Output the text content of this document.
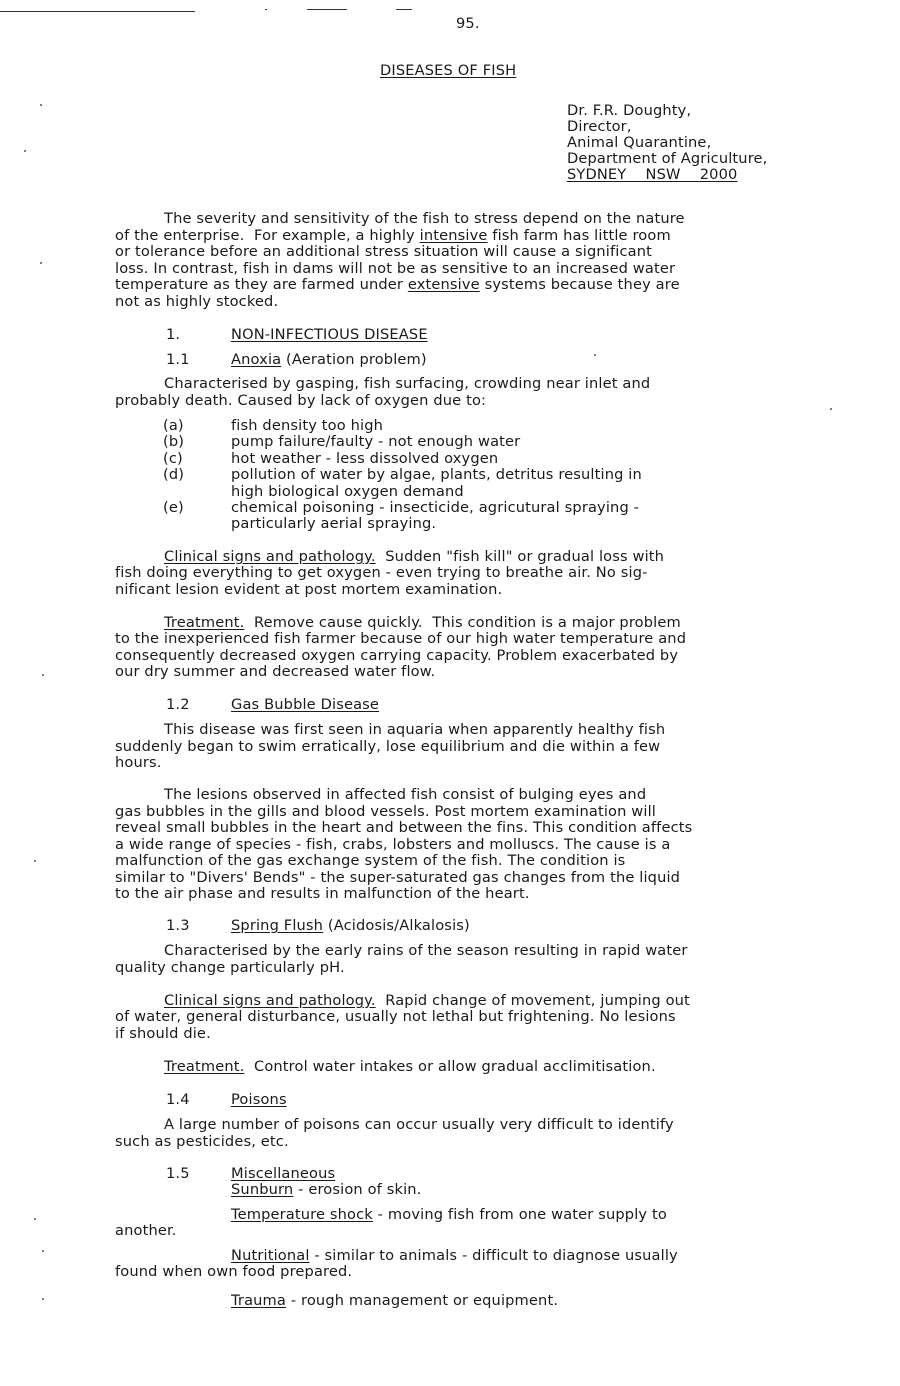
95.
DISEASES OF FISH
Dr. F.R. Doughty,
Director,
Animal Quarantine,
Department of Agriculture,
SYDNEY    NSW    2000
The severity and sensitivity of the fish to stress depend on the nature
of the enterprise.  For example, a highly intensive fish farm has little room
or tolerance before an additional stress situation will cause a significant
loss. In contrast, fish in dams will not be as sensitive to an increased water
temperature as they are farmed under extensive systems because they are
not as highly stocked.
1.	NON-INFECTIOUS DISEASE
1.1	Anoxia (Aeration problem)
Characterised by gasping, fish surfacing, crowding near inlet and
probably death. Caused by lack of oxygen due to:
(a)	fish density too high
(b)	pump failure/faulty - not enough water
(c)	hot weather - less dissolved oxygen
(d)	pollution of water by algae, plants, detritus resulting in
high biological oxygen demand
(e)	chemical poisoning - insecticide, agricutural spraying -
particularly aerial spraying.
Clinical signs and pathology.  Sudden "fish kill" or gradual loss with
fish doing everything to get oxygen - even trying to breathe air. No sig-
nificant lesion evident at post mortem examination.
Treatment.  Remove cause quickly.  This condition is a major problem
to the inexperienced fish farmer because of our high water temperature and
consequently decreased oxygen carrying capacity. Problem exacerbated by
our dry summer and decreased water flow.
1.2	Gas Bubble Disease
This disease was first seen in aquaria when apparently healthy fish
suddenly began to swim erratically, lose equilibrium and die within a few
hours.
The lesions observed in affected fish consist of bulging eyes and
gas bubbles in the gills and blood vessels. Post mortem examination will
reveal small bubbles in the heart and between the fins. This condition affects
a wide range of species - fish, crabs, lobsters and molluscs. The cause is a
malfunction of the gas exchange system of the fish. The condition is
similar to "Divers' Bends" - the super-saturated gas changes from the liquid
to the air phase and results in malfunction of the heart.
1.3	Spring Flush (Acidosis/Alkalosis)
Characterised by the early rains of the season resulting in rapid water
quality change particularly pH.
Clinical signs and pathology.  Rapid change of movement, jumping out
of water, general disturbance, usually not lethal but frightening. No lesions
if should die.
Treatment.  Control water intakes or allow gradual acclimitisation.
1.4	Poisons
A large number of poisons can occur usually very difficult to identify
such as pesticides, etc.
1.5	Miscellaneous
Sunburn - erosion of skin.
Temperature shock - moving fish from one water supply to
another.
Nutritional - similar to animals - difficult to diagnose usually
found when own food prepared.
Trauma - rough management or equipment.
